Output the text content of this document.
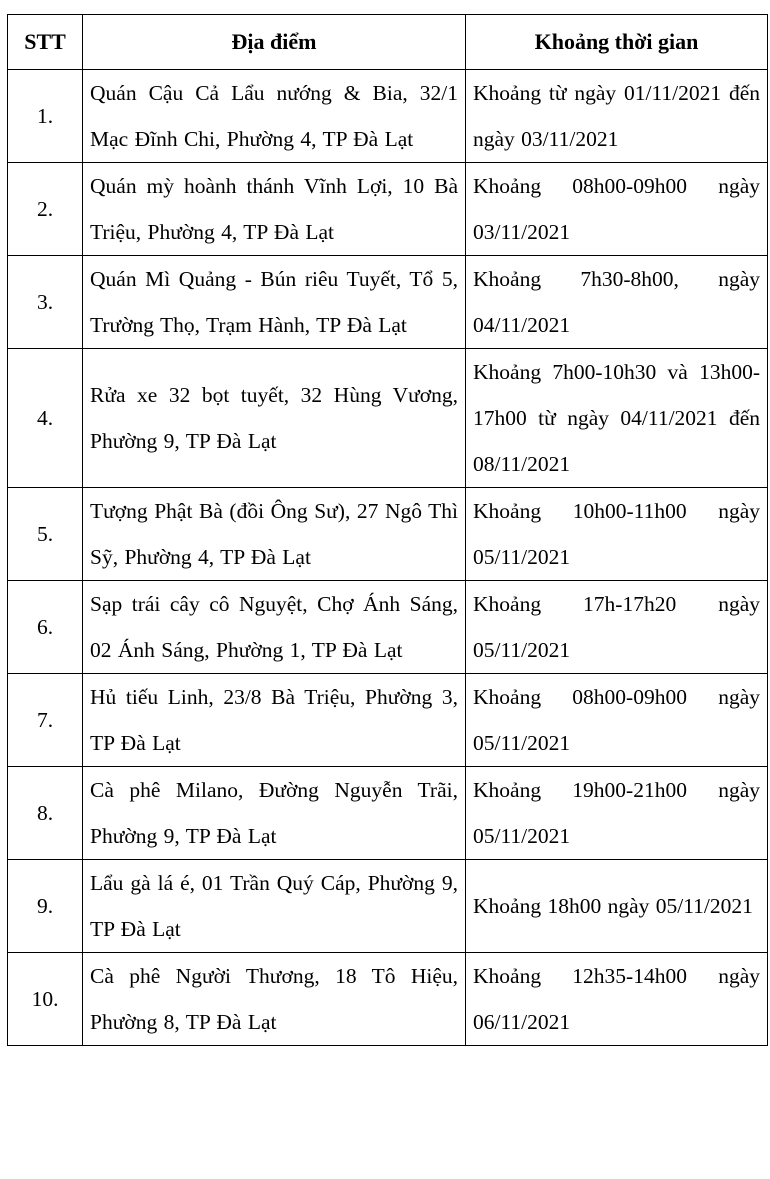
STT	Địa điểm	Khoảng thời gian
1.	Quán Cậu Cả Lẩu nướng & Bia, 32/1 Mạc Đĩnh Chi, Phường 4, TP Đà Lạt	Khoảng từ ngày 01/11/2021 đến ngày 03/11/2021
2.	Quán mỳ hoành thánh Vĩnh Lợi, 10 Bà Triệu, Phường 4, TP Đà Lạt	Khoảng 08h00-09h00 ngày 03/11/2021
3.	Quán Mì Quảng - Bún riêu Tuyết, Tổ 5, Trường Thọ, Trạm Hành, TP Đà Lạt	Khoảng 7h30-8h00, ngày 04/11/2021
4.	Rửa xe 32 bọt tuyết, 32 Hùng Vương, Phường 9, TP Đà Lạt	Khoảng 7h00-10h30 và 13h00-17h00 từ ngày 04/11/2021 đến 08/11/2021
5.	Tượng Phật Bà (đồi Ông Sư), 27 Ngô Thì Sỹ, Phường 4, TP Đà Lạt	Khoảng 10h00-11h00 ngày 05/11/2021
6.	Sạp trái cây cô Nguyệt, Chợ Ánh Sáng, 02 Ánh Sáng, Phường 1, TP Đà Lạt	Khoảng 17h-17h20 ngày 05/11/2021
7.	Hủ tiếu Linh, 23/8 Bà Triệu, Phường 3, TP Đà Lạt	Khoảng 08h00-09h00 ngày 05/11/2021
8.	Cà phê Milano, Đường Nguyễn Trãi, Phường 9, TP Đà Lạt	Khoảng 19h00-21h00 ngày 05/11/2021
9.	Lẩu gà lá é, 01 Trần Quý Cáp, Phường 9, TP Đà Lạt	Khoảng 18h00 ngày 05/11/2021
10.	Cà phê Người Thương, 18 Tô Hiệu, Phường 8, TP Đà Lạt	Khoảng 12h35-14h00 ngày 06/11/2021
